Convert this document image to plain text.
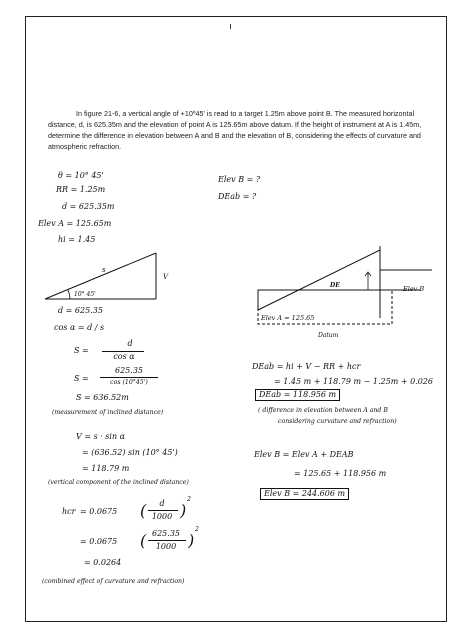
In figure 21-6, a vertical angle of +10º45' is read to a target 1.25m above point B. The measured horizontal distance, d, is 625.35m and the elevation of point A is 125.65m above datum. If the height of instrument at A is 1.45m, determine the difference in elevation between A and B and the elevation of B, considering the effects of curvature and atmospheric refraction.
θ = 10° 45'
RR = 1.25m
d = 625.35m
Elev A = 125.65m
hi = 1.45
Elev B = ?
DEab = ?
s
V
10° 45'
d = 625.35
cos α = d / s
S =
d
cos α
S =
625.35
cos (10°45')
S = 636.52m
(measurement of inclined distance)
V = s · sin α
= (636.52) sin (10° 45')
= 118.79 m
(vertical component of the inclined distance)
hcr = 0.0675 (	d
1000 )
2
= 0.0675 ( 625.35
1000 )
2
= 0.0264
(combined effect of curvature and refraction)
DE	Elev B
Elev A = 125.65
Datum
DEab = hi + V − RR + hcr
= 1.45 m + 118.79 m − 1.25m + 0.026
DEab = 118.956 m
( difference in elevation between A and B
considering curvature and refraction)
Elev B = Elev A + DEAB
= 125.65 + 118.956 m
Elev B = 244.606 m
